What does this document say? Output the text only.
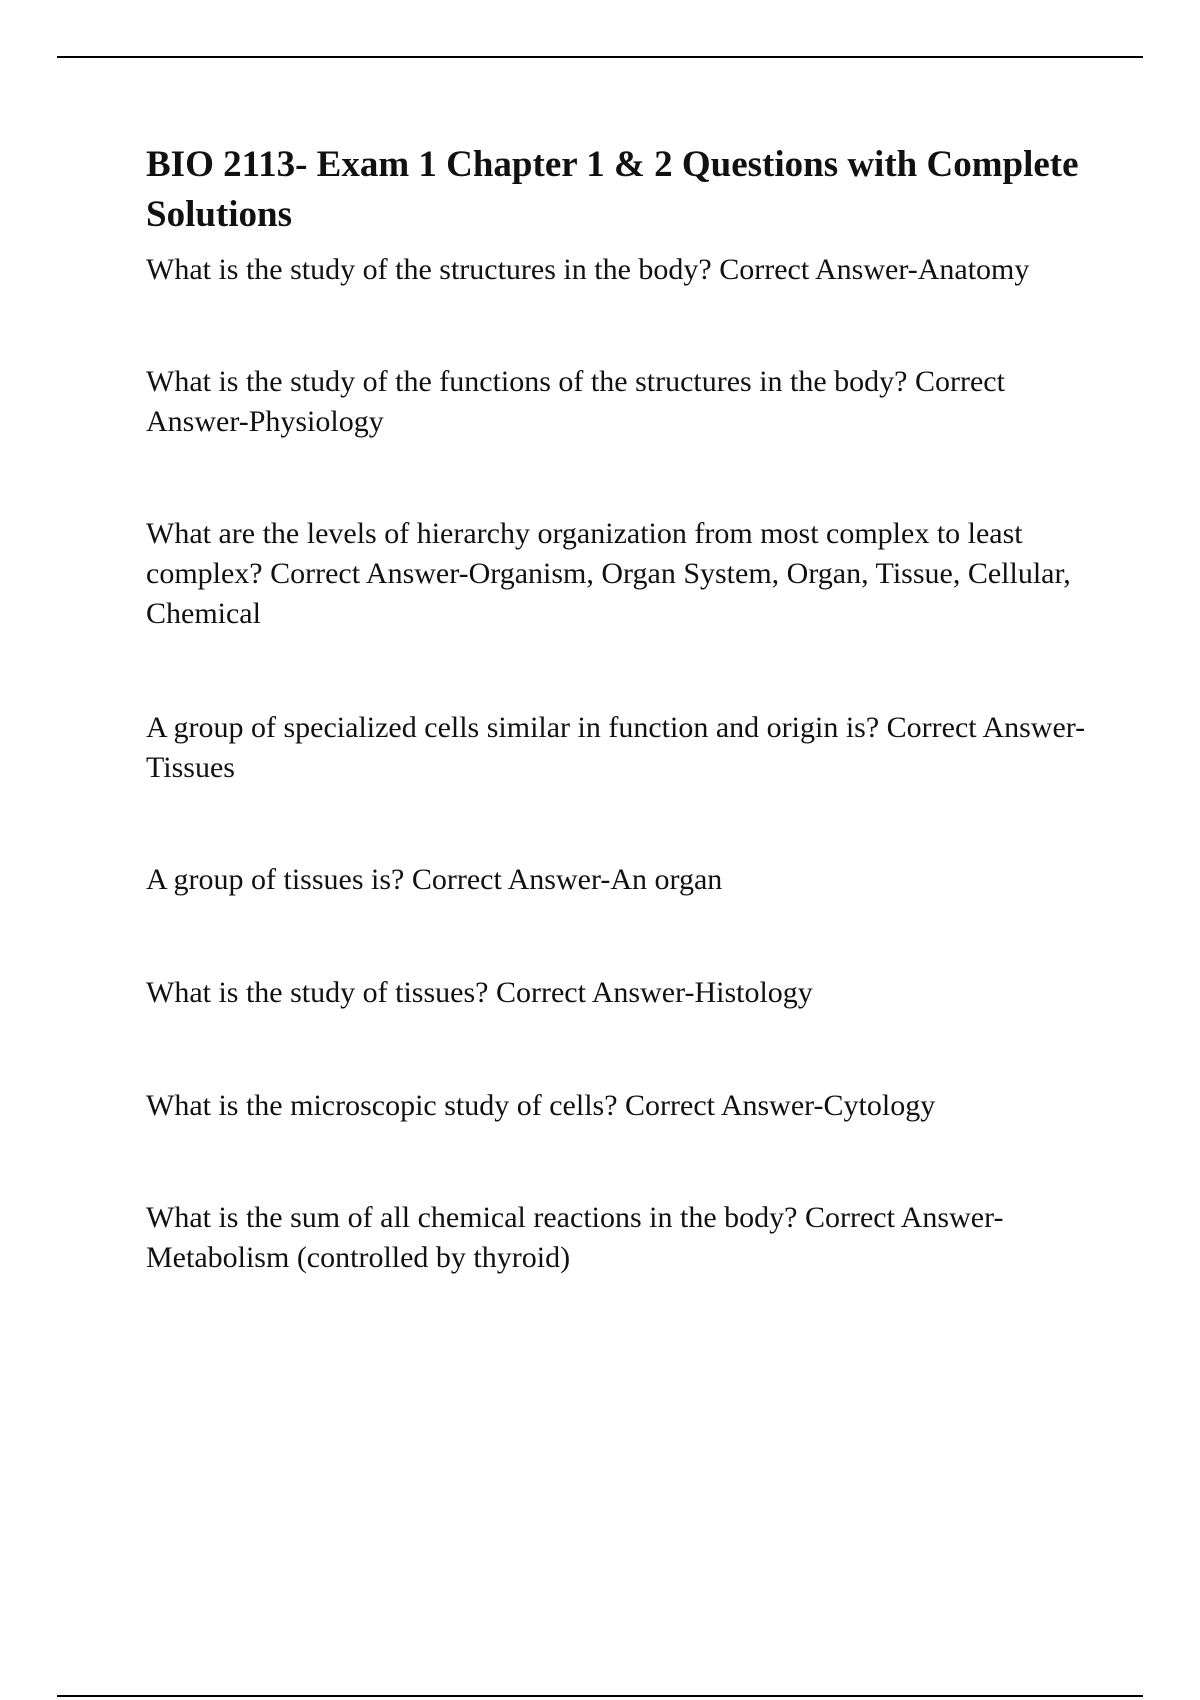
BIO 2113- Exam 1 Chapter 1 & 2 Questions with Complete Solutions

What is the study of the structures in the body? Correct Answer-Anatomy

What is the study of the functions of the structures in the body? Correct Answer-Physiology

What are the levels of hierarchy organization from most complex to least complex? Correct Answer-Organism, Organ System, Organ, Tissue, Cellular, Chemical

A group of specialized cells similar in function and origin is? Correct Answer-Tissues

A group of tissues is? Correct Answer-An organ

What is the study of tissues? Correct Answer-Histology

What is the microscopic study of cells? Correct Answer-Cytology

What is the sum of all chemical reactions in the body? Correct Answer-Metabolism (controlled by thyroid)
